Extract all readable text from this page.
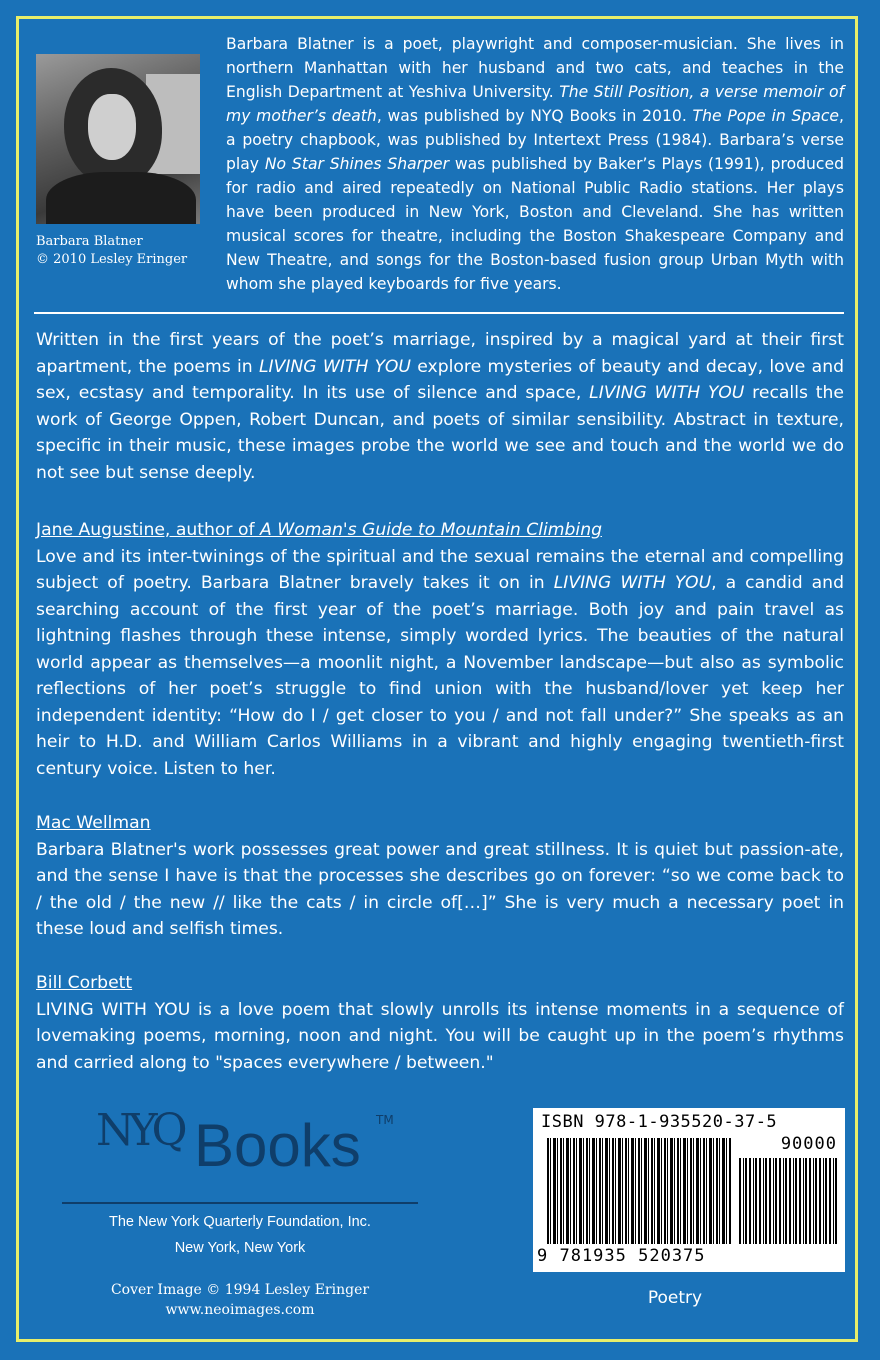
Barbara Blatner
© 2010 Lesley Eringer
Barbara Blatner is a poet, playwright and composer-musician. She lives in northern Manhattan with her husband and two cats, and teaches in the English Department at Yeshiva University. The Still Position, a verse memoir of my mother’s death, was published by NYQ Books in 2010. The Pope in Space, a poetry chapbook, was published by Intertext Press (1984). Barbara’s verse play No Star Shines Sharper was published by Baker’s Plays (1991), produced for radio and aired repeatedly on National Public Radio stations. Her plays have been produced in New York, Boston and Cleveland. She has written musical scores for theatre, including the Boston Shakespeare Company and New Theatre, and songs for the Boston-based fusion group Urban Myth with whom she played keyboards for five years.
Written in the first years of the poet’s marriage, inspired by a magical yard at their first apartment, the poems in LIVING WITH YOU explore mysteries of beauty and decay, love and sex, ecstasy and temporality. In its use of silence and space, LIVING WITH YOU recalls the work of George Oppen, Robert Duncan, and poets of similar sensibility. Abstract in texture, specific in their music, these images probe the world we see and touch and the world we do not see but sense deeply.
Jane Augustine, author of A Woman's Guide to Mountain Climbing
Love and its inter-twinings of the spiritual and the sexual remains the eternal and compelling subject of poetry. Barbara Blatner bravely takes it on in LIVING WITH YOU, a candid and searching account of the first year of the poet’s marriage. Both joy and pain travel as lightning flashes through these intense, simply worded lyrics. The beauties of the natural world appear as themselves—a moonlit night, a November landscape—but also as symbolic reflections of her poet’s struggle to find union with the husband/lover yet keep her independent identity: “How do I / get closer to you / and not fall under?” She speaks as an heir to H.D. and William Carlos Williams in a vibrant and highly engaging twentieth-first century voice. Listen to her.
Mac Wellman
Barbara Blatner's work possesses great power and great stillness. It is quiet but passion-ate, and the sense I have is that the processes she describes go on forever: “so we come back to / the old / the new // like the cats / in circle of[…]” She is very much a necessary poet in these loud and selfish times.
Bill Corbett
LIVING WITH YOU is a love poem that slowly unrolls its intense moments in a sequence of lovemaking poems, morning, noon and night. You will be caught up in the poem’s rhythms and carried along to "spaces everywhere / between."
NYQ Books TM
The New York Quarterly Foundation, Inc.
New York, New York
Cover Image © 1994 Lesley Eringer
www.neoimages.com
ISBN 978-1-935520-37-5
90000
9 781935 520375
Poetry
